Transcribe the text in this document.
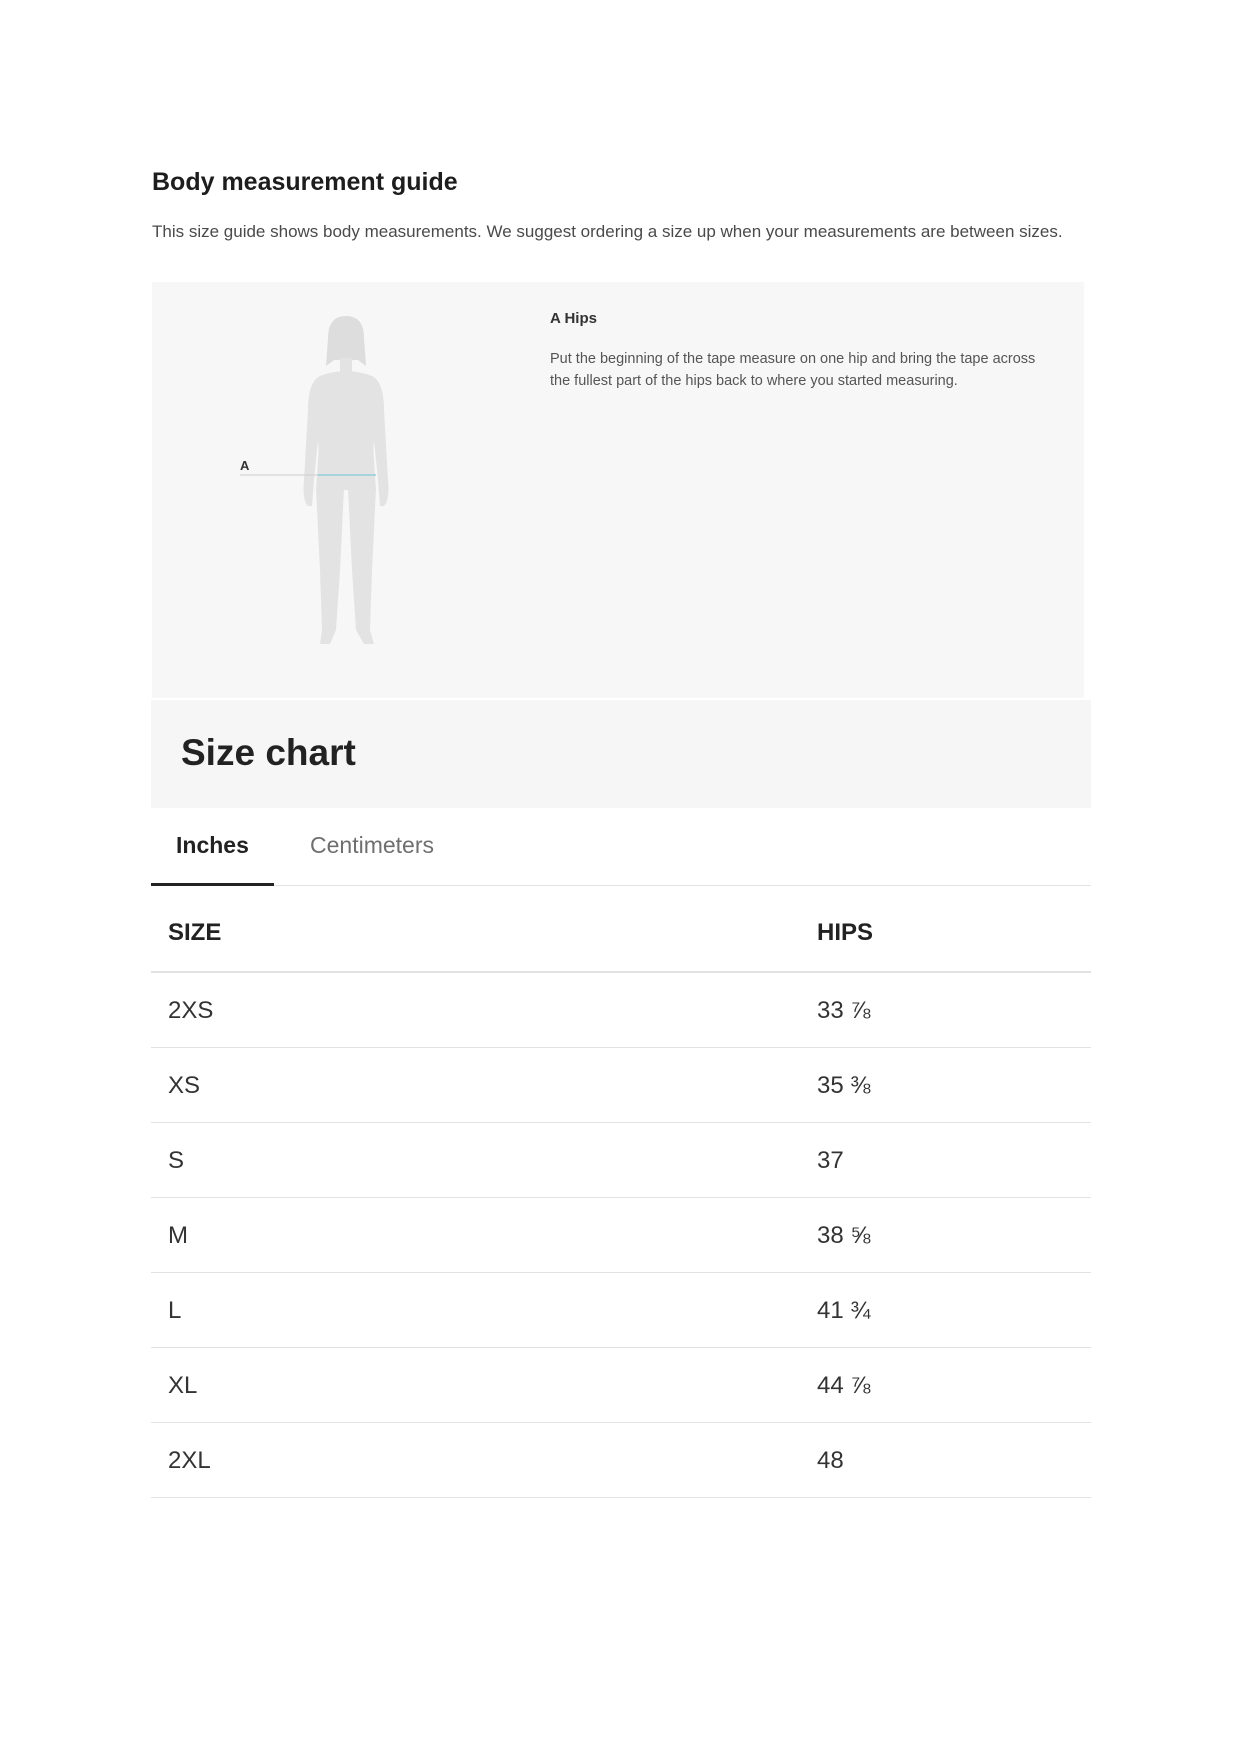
Body measurement guide

This size guide shows body measurements. We suggest ordering a size up when your measurements are between sizes.

A
A Hips
Put the beginning of the tape measure on one hip and bring the tape across the fullest part of the hips back to where you started measuring.
Size chart
Inches	Centimeters
SIZE	HIPS
2XS	33 ⅞
XS	35 ⅜
S	37
M	38 ⅝
L	41 ¾
XL	44 ⅞
2XL	48
